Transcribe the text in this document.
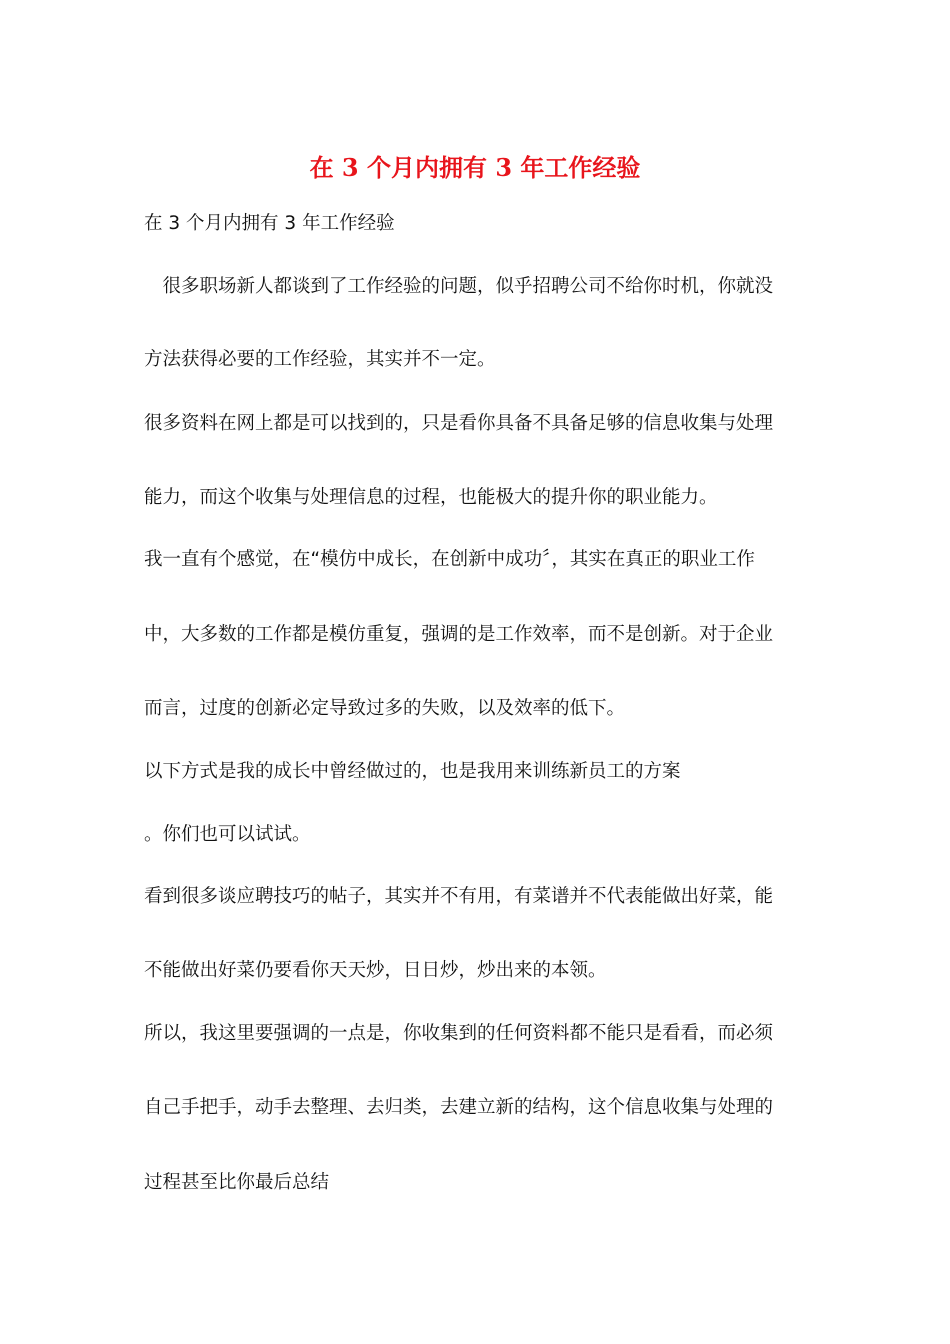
在 3 个月内拥有 3 年工作经验
在 3 个月内拥有 3 年工作经验
　很多职场新人都谈到了工作经验的问题，似乎招聘公司不给你时机，你就没
方法获得必要的工作经验，其实并不一定。
很多资料在网上都是可以找到的，只是看你具备不具备足够的信息收集与处理
能力，而这个收集与处理信息的过程，也能极大的提升你的职业能力。
我一直有个感觉，在“模仿中成长，在创新中成功〞，其实在真正的职业工作
中，大多数的工作都是模仿重复，强调的是工作效率，而不是创新。对于企业
而言，过度的创新必定导致过多的失败，以及效率的低下。
以下方式是我的成长中曾经做过的，也是我用来训练新员工的方案
。你们也可以试试。
看到很多谈应聘技巧的帖子，其实并不有用，有菜谱并不代表能做出好菜，能
不能做出好菜仍要看你天天炒，日日炒，炒出来的本领。
所以，我这里要强调的一点是，你收集到的任何资料都不能只是看看，而必须
自己手把手，动手去整理、去归类，去建立新的结构，这个信息收集与处理的
过程甚至比你最后总结
